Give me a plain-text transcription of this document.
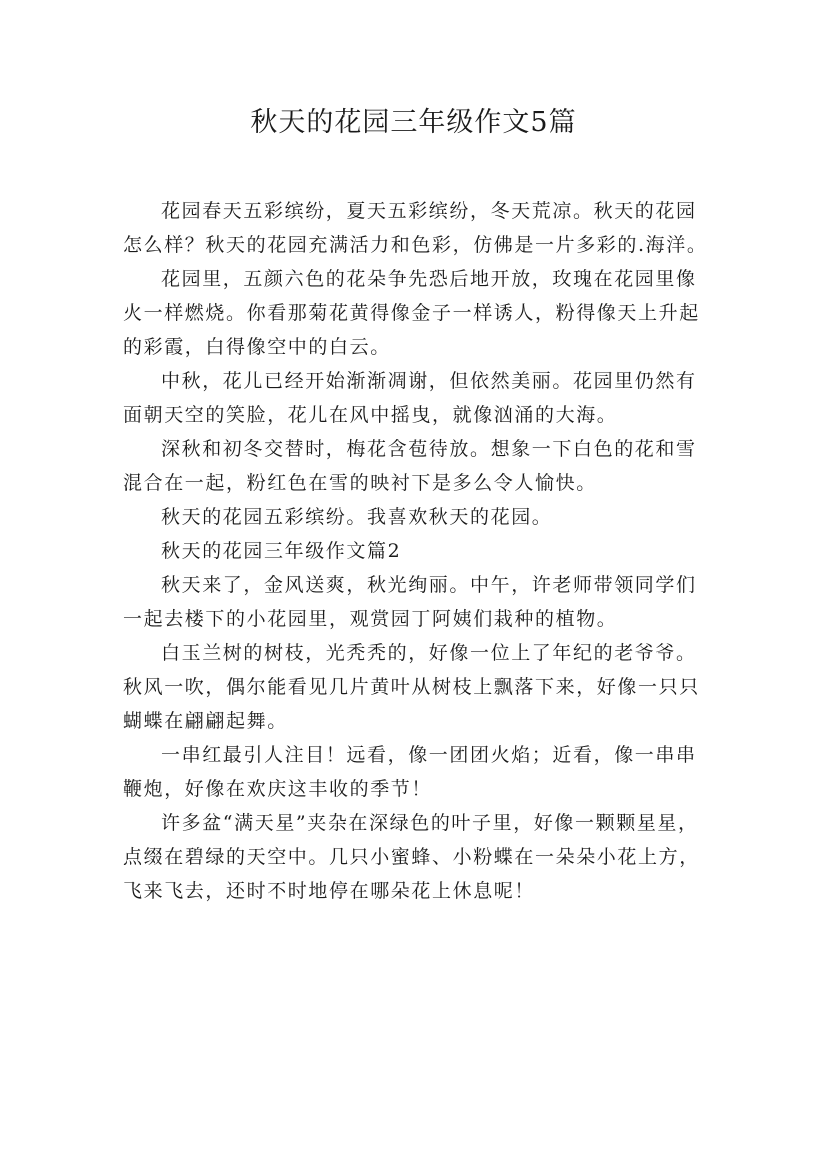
秋天的花园三年级作文5篇

花园春天五彩缤纷，夏天五彩缤纷，冬天荒凉。秋天的花园怎么样？秋天的花园充满活力和色彩，仿佛是一片多彩的.海洋。

花园里，五颜六色的花朵争先恐后地开放，玫瑰在花园里像火一样燃烧。你看那菊花黄得像金子一样诱人，粉得像天上升起的彩霞，白得像空中的白云。

中秋，花儿已经开始渐渐凋谢，但依然美丽。花园里仍然有面朝天空的笑脸，花儿在风中摇曳，就像汹涌的大海。

深秋和初冬交替时，梅花含苞待放。想象一下白色的花和雪混合在一起，粉红色在雪的映衬下是多么令人愉快。

秋天的花园五彩缤纷。我喜欢秋天的花园。

秋天的花园三年级作文篇2

秋天来了，金风送爽，秋光绚丽。中午，许老师带领同学们一起去楼下的小花园里，观赏园丁阿姨们栽种的植物。

白玉兰树的树枝，光秃秃的，好像一位上了年纪的老爷爷。秋风一吹，偶尔能看见几片黄叶从树枝上飘落下来，好像一只只蝴蝶在翩翩起舞。

一串红最引人注目！远看，像一团团火焰；近看，像一串串鞭炮，好像在欢庆这丰收的季节！

许多盆“满天星”夹杂在深绿色的叶子里，好像一颗颗星星，点缀在碧绿的天空中。几只小蜜蜂、小粉蝶在一朵朵小花上方，飞来飞去，还时不时地停在哪朵花上休息呢！
